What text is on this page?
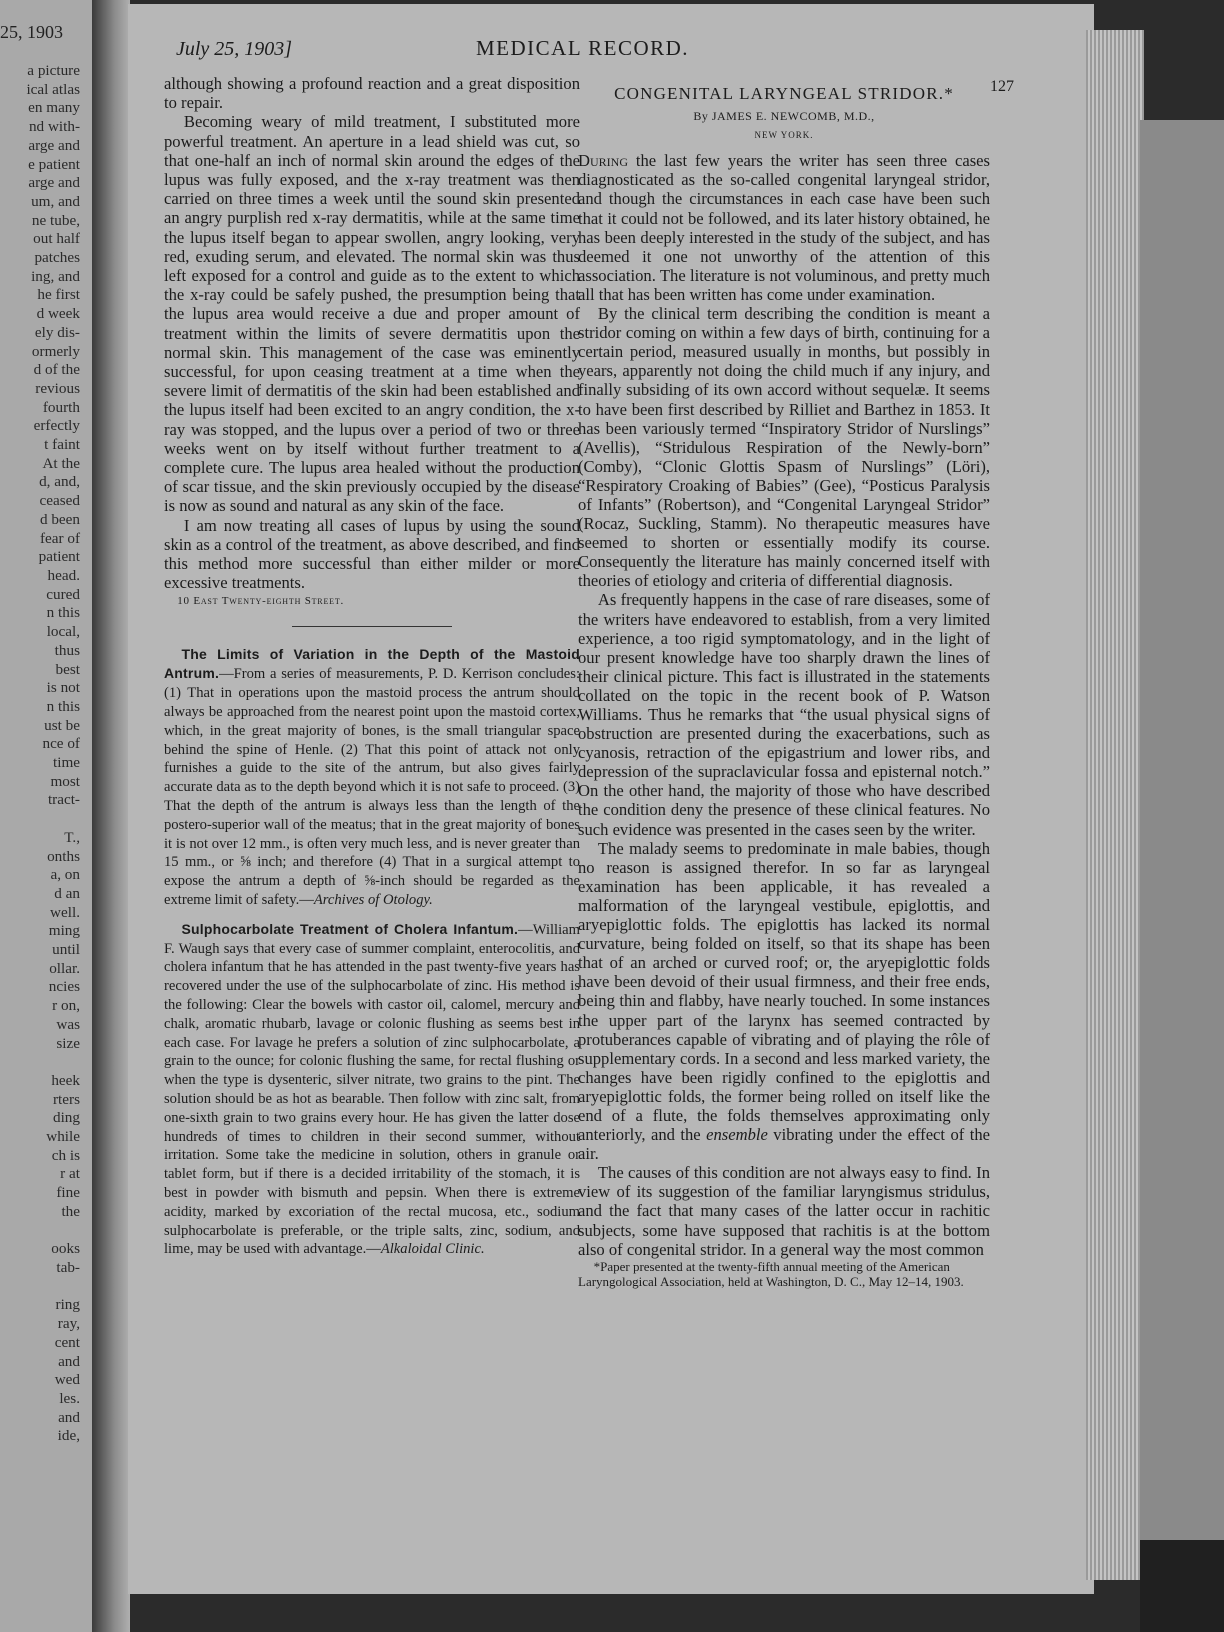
25, 1903
a picture
ical atlas
en many
nd with-
arge and
e patient
arge and
um, and
ne tube,
out half
patches
ing, and
he first
d week
ely dis-
ormerly
d of the
revious
fourth
erfectly
t faint
At the
d, and,
ceased
d been
fear of
patient
head.
cured
n this
local,
thus
best
is not
n this
ust be
nce of
time
most
tract-

T.,
onths
a, on
d an
well.
ming
until
ollar.
ncies
r on,
was
size

heek
rters
ding
while
ch is
r at
fine
the

ooks
tab-

ring
ray,
cent
and
wed
les.
and
ide,
July 25, 1903]	MEDICAL RECORD.
127

although showing a profound reaction and a great disposition to repair.

Becoming weary of mild treatment, I substituted more powerful treatment. An aperture in a lead shield was cut, so that one-half an inch of normal skin around the edges of the lupus was fully exposed, and the x-ray treatment was then carried on three times a week until the sound skin presented an angry purplish red x-ray dermatitis, while at the same time the lupus itself began to appear swollen, angry looking, very red, exuding serum, and elevated. The normal skin was thus left exposed for a control and guide as to the extent to which the x-ray could be safely pushed, the presumption being that the lupus area would receive a due and proper amount of treatment within the limits of severe dermatitis upon the normal skin. This management of the case was eminently successful, for upon ceasing treatment at a time when the severe limit of dermatitis of the skin had been established and the lupus itself had been excited to an angry condition, the x-ray was stopped, and the lupus over a period of two or three weeks went on by itself without further treatment to a complete cure. The lupus area healed without the production of scar tissue, and the skin previously occupied by the disease is now as sound and natural as any skin of the face.

I am now treating all cases of lupus by using the sound skin as a control of the treatment, as above described, and find this method more successful than either milder or more excessive treatments.

10 East Twenty-eighth Street.

The Limits of Variation in the Depth of the Mastoid Antrum.—From a series of measurements, P. D. Kerrison concludes: (1) That in operations upon the mastoid process the antrum should always be approached from the nearest point upon the mastoid cortex, which, in the great majority of bones, is the small triangular space behind the spine of Henle. (2) That this point of attack not only furnishes a guide to the site of the antrum, but also gives fairly accurate data as to the depth beyond which it is not safe to proceed. (3) That the depth of the antrum is always less than the length of the postero-superior wall of the meatus; that in the great majority of bones it is not over 12 mm., is often very much less, and is never greater than 15 mm., or ⅝ inch; and therefore (4) That in a surgical attempt to expose the antrum a depth of ⅝-inch should be regarded as the extreme limit of safety.—Archives of Otology.

Sulphocarbolate Treatment of Cholera Infantum.—William F. Waugh says that every case of summer complaint, enterocolitis, and cholera infantum that he has attended in the past twenty-five years has recovered under the use of the sulphocarbolate of zinc. His method is the following: Clear the bowels with castor oil, calomel, mercury and chalk, aromatic rhubarb, lavage or colonic flushing as seems best in each case. For lavage he prefers a solution of zinc sulphocarbolate, a grain to the ounce; for colonic flushing the same, for rectal flushing or when the type is dysenteric, silver nitrate, two grains to the pint. The solution should be as hot as bearable. Then follow with zinc salt, from one-sixth grain to two grains every hour. He has given the latter dose hundreds of times to children in their second summer, without irritation. Some take the medicine in solution, others in granule or tablet form, but if there is a decided irritability of the stomach, it is best in powder with bismuth and pepsin. When there is extreme acidity, marked by excoriation of the rectal mucosa, etc., sodium sulphocarbolate is preferable, or the triple salts, zinc, sodium, and lime, may be used with advantage.—Alkaloidal Clinic.

CONGENITAL LARYNGEAL STRIDOR.*
By JAMES E. NEWCOMB, M.D.,
NEW YORK.

During the last few years the writer has seen three cases diagnosticated as the so-called congenital laryngeal stridor, and though the circumstances in each case have been such that it could not be followed, and its later history obtained, he has been deeply interested in the study of the subject, and has deemed it one not unworthy of the attention of this association. The literature is not voluminous, and pretty much all that has been written has come under examination.

By the clinical term describing the condition is meant a stridor coming on within a few days of birth, continuing for a certain period, measured usually in months, but possibly in years, apparently not doing the child much if any injury, and finally subsiding of its own accord without sequelæ. It seems to have been first described by Rilliet and Barthez in 1853. It has been variously termed “Inspiratory Stridor of Nurslings” (Avellis), “Stridulous Respiration of the Newly-born” (Comby), “Clonic Glottis Spasm of Nurslings” (Löri), “Respiratory Croaking of Babies” (Gee), “Posticus Paralysis of Infants” (Robertson), and “Congenital Laryngeal Stridor” (Rocaz, Suckling, Stamm). No therapeutic measures have seemed to shorten or essentially modify its course. Consequently the literature has mainly concerned itself with theories of etiology and criteria of differential diagnosis.

As frequently happens in the case of rare diseases, some of the writers have endeavored to establish, from a very limited experience, a too rigid symptomatology, and in the light of our present knowledge have too sharply drawn the lines of their clinical picture. This fact is illustrated in the statements collated on the topic in the recent book of P. Watson Williams. Thus he remarks that “the usual physical signs of obstruction are presented during the exacerbations, such as cyanosis, retraction of the epigastrium and lower ribs, and depression of the supraclavicular fossa and episternal notch.” On the other hand, the majority of those who have described the condition deny the presence of these clinical features. No such evidence was presented in the cases seen by the writer.

The malady seems to predominate in male babies, though no reason is assigned therefor. In so far as laryngeal examination has been applicable, it has revealed a malformation of the laryngeal vestibule, epiglottis, and aryepiglottic folds. The epiglottis has lacked its normal curvature, being folded on itself, so that its shape has been that of an arched or curved roof; or, the aryepiglottic folds have been devoid of their usual firmness, and their free ends, being thin and flabby, have nearly touched. In some instances the upper part of the larynx has seemed contracted by protuberances capable of vibrating and of playing the rôle of supplementary cords. In a second and less marked variety, the changes have been rigidly confined to the epiglottis and aryepiglottic folds, the former being rolled on itself like the end of a flute, the folds themselves approximating only anteriorly, and the ensemble vibrating under the effect of the air.

The causes of this condition are not always easy to find. In view of its suggestion of the familiar laryngismus stridulus, and the fact that many cases of the latter occur in rachitic subjects, some have supposed that rachitis is at the bottom also of congenital stridor. In a general way the most common

*Paper presented at the twenty-fifth annual meeting of the American Laryngological Association, held at Washington, D. C., May 12–14, 1903.
